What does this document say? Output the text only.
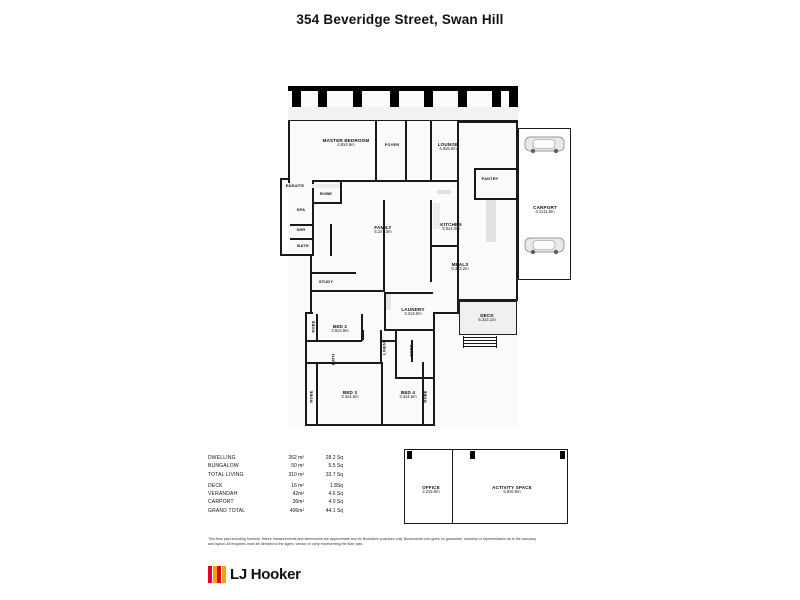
354 Beveridge Street, Swan Hill
MASTER BEDROOM
4.8x3.9m	FOYER	LOUNGE
4.9x5.0m
PANTRY
ENSUITE
ROBE
SPA
SHR
BATH
FAMILY
5.2x7.0m
KITCHEN
5.0x4.0m
MEALS
5.3x3.2m
CARPORT
3.1x11.8m
STUDY
LAUNDRY
3.2x3.0m	DECK
5.3x3.1m
BED 2
3.9x3.9m
ROBE
LINEN	ROBE
BATH
BED 3
3.3x4.5m
BED 4
3.3x4.5m
ROBE	ROBE
OFFICE
2.2x5.9m
ACTIVITY SPACE
5.9x5.9m
DWELLING	262 m²	28.2 Sq
BUNGALOW	50 m²	5.5 Sq
TOTAL LIVING	310 m²	33.7 Sq

DECK	16 m²	1.8Sq
VERANDAH	42m²	4.6 Sq
CARPORT	36m²	4.0 Sq
GRAND TOTAL	406m²	44.1 Sq
This floor plan including furniture, fixture measurements and dimensions are approximate and for illustrative purposes only. Boxbrownie.com gives no guarantee, warranty or representation as to the accuracy and layout. All enquiries must be directed to the agent, vendor or party representing the floor plan.
LJ Hooker
